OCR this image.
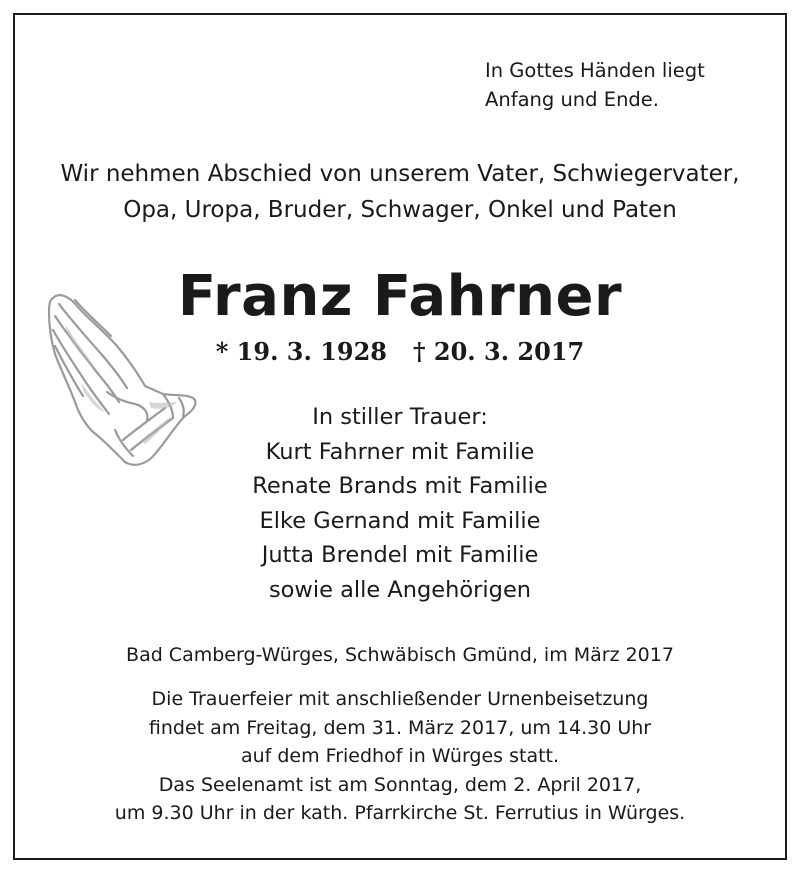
In Gottes Händen liegt
Anfang und Ende.
Wir nehmen Abschied von unserem Vater, Schwiegervater,
Opa, Uropa, Bruder, Schwager, Onkel und Paten
Franz Fahrner
* 19. 3. 1928 † 20. 3. 2017
In stiller Trauer:
Kurt Fahrner mit Familie
Renate Brands mit Familie
Elke Gernand mit Familie
Jutta Brendel mit Familie
sowie alle Angehörigen
Bad Camberg-Würges, Schwäbisch Gmünd, im März 2017
Die Trauerfeier mit anschließender Urnenbeisetzung
findet am Freitag, dem 31. März 2017, um 14.30 Uhr
auf dem Friedhof in Würges statt.
Das Seelenamt ist am Sonntag, dem 2. April 2017,
um 9.30 Uhr in der kath. Pfarrkirche St. Ferrutius in Würges.
